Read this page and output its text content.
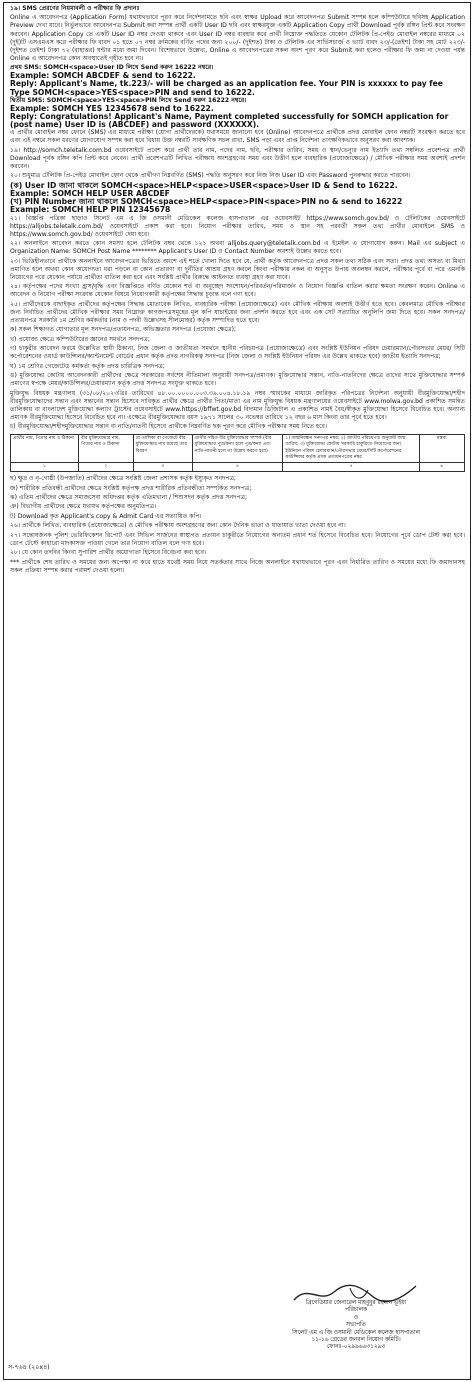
১৯। SMS প্রেরণের নিয়মাবলী ও পরীক্ষার ফি প্রদানঃ

Online এ আবেদনপত্র (Application Form) যথাযথভাবে পূরণ করে নির্দেশনামতে ছবি এবং স্বাক্ষর Upload করে আবেদনপত্র Submit সম্পন্ন হলে কম্পিউটারে ছবিসহ Application Preview দেখা যাবে। নির্ভুলভাবে আবেদনপত্র Submit করা সম্পন্ন প্রার্থী একটি User ID ছবি এবং স্বাক্ষরযুক্ত একটি Application Copy প্রার্থী Download পূর্বক রঙ্গিন প্রিন্ট করে সংরক্ষণ করবেন। Application Copy তে একটি User ID নম্বর দেওয়া থাকবে এবং User ID নম্বর ব্যবহার করে প্রার্থী নিম্নোক্ত পদ্ধতিতে যেকোন টেলিটক প্রি-পেইড মোবাইল নম্বরের মাধ্যমে ০২ (দুই)টি এসএমএস করে পরীক্ষার ফি বাবদ ০১ হতে ০৭ নম্বর ক্রমিকের বর্ণিত পদের জন্য ২০০/- (দুইশত) টাকা ও টেলিটক এর সার্ভিসচার্জ ও ভ্যাট বাবদ ২৩/-(তেইশ) টাকা সহ মোট ২২৩/-(দুইশত তেইশ) টাকা ৭২ (বাহাত্তর) ঘন্টার মধ্যে জমা দিবেন। বিশেষভাবে উল্লেখ্য, Online এ আবেদনপত্রের সকল অংশ পূরণ করে Submit করা হলেও পরীক্ষার ফি জমা না দেওয়া পর্যন্ত Online এ আবেদনপত্র কোন অবস্থাতেই গৃহীত হবে না।

প্রথম SMS: SOMCH<space>User ID লিখে Send করুন 16222 নম্বরে।

Example: SOMCH ABCDEF & send to 16222.

Reply: Applicant's Name, tk.223/- will be charged as an application fee. Your PIN is xxxxxx to pay fee Type SOMCH<space>YES<space>PIN and send to 16222.

দ্বিতীয় SMS: SOMCH<space>YES<space>PIN লিখে Send করুন 16222 নম্বরে।

Example: SOMCH YES 12345678 send to 16222.

Reply: Congratulations! Applicant's Name, Payment completed successfully for SOMCH application for (post name) User ID is (ABCDEF) and password (XXXXXX).

এ প্রার্থীর মোবাইল নম্বর ফোনে (SMS) এর মাধ্যমে পরীক্ষা (যোগ্য প্রার্থীদেরকে) যথাসময়ে জানানো হবে (Online) আবেদনপত্রে প্রার্থীকে প্রদত্ত মোবাইল ফোন নম্বরটি সংরক্ষণ করতে হবে এবং এই নম্বরে সকল ধরণের যোগাযোগ সম্পন্ন করা হবে বিধায় উক্ত নম্বরটি সার্বক্ষণিক সচল রাখা, SMS পড়া এবং প্রাপ্ত নির্দেশনা তাৎক্ষণিকভাবে অনুসরণ করা আবশ্যক।

১৯। http://somch.teletalk.com.bd ওয়েবসাইটে প্রবেশ করে প্রার্থী তার নাম, পদের নাম, ছবি, পরীক্ষার তারিখ, সময় ও স্থান/ভেন্যুর নাম ইত্যাদি তথ্য সম্বলিত প্রবেশপত্র প্রার্থী Download পূর্বক রঙ্গিন কপি প্রিন্ট করে নেবেন। প্রার্থী প্রবেশপত্রটি লিখিত পরীক্ষায় অংশগ্রহণের সময় এবং উত্তীর্ণ হলে ব্যবহারিক (প্রযোজ্যক্ষেত্রে) / মৌখিক পরীক্ষার সময় অবশ্যই প্রদর্শন করবেন।

২০। শুধুমাত্র টেলিটক প্রি-পেইড মোবাইল ফোন থেকে প্রার্থীগণ নিম্নবর্ণিত (SMS) পদ্ধতি অনুসরণ করে নিজ নিজ User ID এবং Password পুনরুদ্ধার করতে পারবেন।

(ক) User ID জানা থাকলে SOMCH<space>HELP<space>USER<space>User ID & Send to 16222.

Example: SOMCH HELP USER ABCDEF

(খ) PIN Number জানা থাকলে SOMCH<space>HELP<space>PIN<space>PIN no & send to 16222

Example: SOMCH HELP PIN 12345678

২১। বিজ্ঞপ্তি পত্রিকা ছাড়াও সিলেট এম এ জি ওসমানী মেডিকেল কলেজ হাসপাতাল এর ওয়েবসাইট https://www.somch.gov.bd/ ও টেলিটকের ওয়েবসাইটে https://alljobs.teletalk.com.bd/ ওয়েবসাইটে প্রকাশ করা হবে। নিয়োগ পরীক্ষার তারিখ, সময় ও স্থান সহ পরবর্তী সকল তথ্য প্রার্থীর মোবাইলে SMS ও https://www.somch.gov.bd/ ওয়েবসাইটে দেয়া হবে।

২২। অনলাইনে আবেদন করতে কোন সমস্যা হলে টেলিটক নম্বর থেকে ১২১ অথবা alljobs.query@teletalk.com.bd এ ইমেইল এ যোগাযোগ করুন। Mail এর subject এ Organization Name: SOMCH Post Name ******** Applicant's User ID ও Contact Number অবশ্যই উল্লেখ করতে হবে।

২৩। ভিত্তিহীনভাবে প্রার্থীকে অনলাইনে আবেদনপত্রের ভিত্তিতে অংশে এই শর্তে খোলা দিতে হবে যে, প্রার্থী কর্তৃক আবেদনপত্রে প্রদত্ত সকল তথ্য সঠিক এবং সত্য। প্রদত্ত তথ্য অসত্য বা মিথ্যা প্রমাণিত হলে অথবা কোন অযোগ্যতা ধরা পড়লে বা কোন প্রতারণা বা দুর্নীতির আশ্রয় গ্রহণ করলে কিংবা পরীক্ষায় নকল বা অনুসৃত উপায় অবলম্বন করলে, পরীক্ষার পূর্বে বা পরে এমনকি নিয়োগের পরে যেকোন পর্যায়ে প্রার্থীতা বাতিল করা হবে এবং সংশ্লিষ্ট প্রার্থীর বিরুদ্ধে আইনগত ব্যবস্থা গ্রহণ করা যাবে।

২৪। কর্তৃপক্ষের পদের সংখ্যা হ্রাস/বৃদ্ধি এবং বিজ্ঞপ্তিতে বর্ণিত যেকোন শর্ত বা অনুচ্ছেদ সংশোধন/পরিবর্তন/পরিমার্জন ও নিয়োগ বিজ্ঞপ্তি বাতিল করার ক্ষমতা সংরক্ষণ করেন। Online এ আবেদন ও নিয়োগ পরীক্ষা সংক্রান্ত যেকোন বিষয়ে নিয়োগকারী কর্তৃপক্ষের সিদ্ধান্ত চূড়ান্ত বলে গণ্য হবে।

২৫। প্রার্থীদেরকে বাছাইকৃত প্রার্থীদের কর্তৃপক্ষের সিদ্ধান্ত মোতাবেক লিখিত, ব্যবহারিক পরীক্ষা (প্রযোজ্যক্ষেত্রে) এবং মৌখিক পরীক্ষায় অবশ্যই উত্তীর্ণ হতে হবে। কেবলমাত্র মৌখিক পরীক্ষার জন্য নির্বাচিত প্রার্থীদের মৌখিক পরীক্ষার সময় নিম্নোক্ত কাগজপত্রসমূহের মূল কপি যাচাইয়ের জন্য প্রদর্শন করতে হবে এবং এক সেট সত্যায়িত অনুলিপি জমা দিতে হবে। সকল সনদপত্র/প্রত্যয়নপত্র সরকারি ১ম শ্রেণির কর্মকর্তার (নাম ও পদবী উল্লেখসহ সীলমোহর) কর্তৃক সম্পাদিত হতে হবে।

ক) সকল শিক্ষাগত যোগ্যতার মূল সনদপত্র/প্রত্যয়নপত্র, অভিজ্ঞতার সনদপত্র (প্রযোজ্য ক্ষেত্রে);

খ) প্রযোজ্য ক্ষেত্রে কম্পিউটারের জ্ঞানের সমর্থনে সনদপত্র;

গ) চাকুরীর আবেদন ফরমে উল্লেখিত স্থায়ী ঠিকানা, নিজ জেলা ও জাতীয়তা সমর্থনে স্থানীয় পরিচয়পত্র (প্রযোজ্যক্ষেত্রে) এবং সংশ্লিষ্ট ইউনিয়ন পরিষদ চেয়ারম্যান/পৌরসভার মেয়র/ সিটি কর্পোরেশনের ওয়ার্ড কাউন্সিলর/ক্যান্টনমেন্ট বোর্ডের প্রধান কর্তৃক প্রদত্ত নাগরিকত্ব সনদপত্র (নিজ জেলা ও সংশ্লিষ্ট ইউনিয়ন পরিষদ এর উল্লেখ থাকতে হবে) জাতীয় ইত্যাদি সনদপত্র;

ঘ) ১ম শ্রেণির গেজেটেড কর্মকর্তা কর্তৃক প্রদত্ত চারিত্রিক সনদপত্র;

ঙ) মুক্তিযোদ্ধা কোটায় আবেদনকারী প্রার্থীদের ক্ষেত্রে সরকারের সর্বশেষ নীতিমালা অনুযায়ী সনদপত্র/প্রমাণক। মুক্তিযোদ্ধার সন্তান, নাতি-নাতনিদের ক্ষেত্রে তাদের সাথে মুক্তিযোদ্ধার সম্পর্ক প্রমাণের স্বপক্ষে মেয়র/কাউন্সিলর/চেয়ারম্যান কর্তৃক প্রদত্ত সনদপত্র সংযুক্ত থাকতে হবে।

মুক্তিযুদ্ধ বিষয়ক মন্ত্রণালয় (৩১/০৮/২০২৩খ্রিঃ তারিখের ৪৮.০০.০০০০.০০৩.৩৯.০০৪.১৮.১৯ নম্বর স্মারকের মাধ্যমে জারিকৃত পরিপত্রের নির্দেশনা অনুযায়ী বীরমুক্তিযোদ্ধা/শহীদ বীরমুক্তিযোদ্ধাদের সন্তান এবং সন্তানের সন্তান হিসেবে দাবিকৃত প্রার্থীর ক্ষেত্রে প্রার্থীর পিতা/মাতা এর নাম মুক্তিযুদ্ধ বিষয়ক মন্ত্রণালয়ের ওয়েবসাইটে www.molwa.gov.bd প্রকাশিত সমন্বিত তালিকায় বা বাংলাদেশ মুক্তিযোদ্ধা কল্যাণ ট্রাস্টের ওয়েবসাইটে www.https://bffwt.gov.bd বিদ্যমান ডিজিটাল এ প্রকাশিত নামই বৈধ/স্বীকৃত মুক্তিযোদ্ধা হিসেবে বিবেচিত হবে। অন্যান্য প্রমাণক বীরমুক্তিযোদ্ধা হিসেবে বিবেচিত হবে না। এক্ষেত্রে বীরমুক্তিযোদ্ধার বয়স ১৯৭১ সালের ৩০ নভেম্বর তারিখে ১২ বছর ৬ মাস কিংবা তার পূর্বে হতে হবে।

চ) বীরমুক্তিযোদ্ধা/শহীদমুক্তিযোদ্ধার সন্তান বা নাতি/নাতনী হিসেবে প্রার্থীকে নিম্নবর্ণিত ছক পূরণ করে মৌখিক পরীক্ষার সময় নিতে হবে।

প্রার্থীর নাম, পিতার নাম ও ঠিকানা	বীর মুক্তিযোদ্ধার নাম, পিতার নাম ও ঠিকানা	যে তালিকা বা গেজেটে বীর মুক্তিযোদ্ধার নাম রয়েছে তার বিবরণ	প্রার্থীর সহিত বীর মুক্তিযোদ্ধার সম্পর্ক (বীর মুক্তিযোদ্ধার পুত্র/কন্যা হলে পুত্র/কন্যা এবং নাতি-নাতনী হলে তা উল্লেখ করতে হবে)	১) জন্মনিবন্ধন সনদপত্র নম্বর; ২) জাতীয় পরিচয়পত্র অনুযায়ী জন্ম তারিখ; ৩) মুক্তিযোদ্ধা কোটায় সরকারি চাকুরিতে নিয়োগের জন্য ইউনিয়ন পরিষদ চেয়ারম্যান/পৌরসভার মেয়র/সিটি কর্পোরেশনের কাউন্সিলর কর্তৃক প্রদত্ত প্রত্যয়নপত্রের নম্বর	মন্তব্য
১	২	৩	৪	৫	৬

ছ) ক্ষুদ্র ও নৃ-গোষ্ঠী (উপজাতি) প্রার্থীদের ক্ষেত্রে সংশ্লিষ্ট জেলা প্রশাসক কর্তৃক ইস্যুকৃত সনদপত্র;

জ) শারীরিক প্রতিবন্ধী প্রার্থীদের ক্ষেত্রে সংশ্লিষ্ট কর্তৃপক্ষ প্রদত্ত শারীরিক প্রতিবন্ধীতা সম্পর্কিত সনদপত্র;

ঝ) এতিম প্রার্থীদের ক্ষেত্রে সমাজসেবা অধিদপ্তর কর্তৃক এতিমখানা / শিশুসদন কর্তৃক প্রদত্ত সনদপত্র;

ঞ) বিভাগীয় প্রার্থীদের ক্ষেত্রে যথাযথ কর্তৃপক্ষের অনুমতিপত্র।

ট) Download কৃত Applicant's copy & Admit Card এর সত্যায়িত কপি।

২৬। প্রার্থীকে লিখিত, ব্যবহারিক (প্রযোজ্যক্ষেত্রে) ও মৌখিক পরীক্ষায় অংশগ্রহণের জন্য কোন দৈনিক ভাতা ও যাতায়াত ভাতা দেওয়া হবে না।

২৭। সন্তোষজনক পুলিশ ভেরিফিকেশন রিপোর্ট এবং সিভিল সার্জনের স্বাস্থ্যগত প্রত্যয়ন চাকুরীতে নিয়োগের অন্যতম প্রধান শর্ত হিসেবে বিবেচিত হবে। নিয়োগের পূর্বে ডোপ টেস্ট করা হবে। ডোপ টেস্টে কাহারো মাদকাসক্ত পাওয়া গেলে তার নিয়োগ বাতিল বলে গণ্য হবে।

২৮। যে কোন তদবির কিংবা সুপারিশ প্রার্থীর অযোগ্যতা হিসেবে বিবেচনা করা হবে।

*** প্রার্থীকে শেষ তারিখ ও সময়ের জন্য অপেক্ষা না করে হাতে যথেষ্ট সময় নিয়ে সতর্কতার সাথে নিজে অনলাইনে যথাযথভাবে পূরণ এবং নির্ধারিত তারিখ ও সময়ের মধ্যে ফি জমাদানসহ সকল প্রক্রিয়া সম্পন্ন করার পরামর্শ দেওয়া হলো।

ব্রিগেডিয়ার জেনারেল মাহবুবুর রহমান ভূঁইয়া
পরিচালক
ও
সভাপতি
সিলেট এম এ জি ওসমানী মেডিকেল কলেজ হাসপাতাল
১১-১৬ গ্রেডের জনবল নিয়োগ কমিটি।
ফোনঃ-০২৯৯৬৬৩১২৯৩
স-৭৬৪ (২০x৪)
